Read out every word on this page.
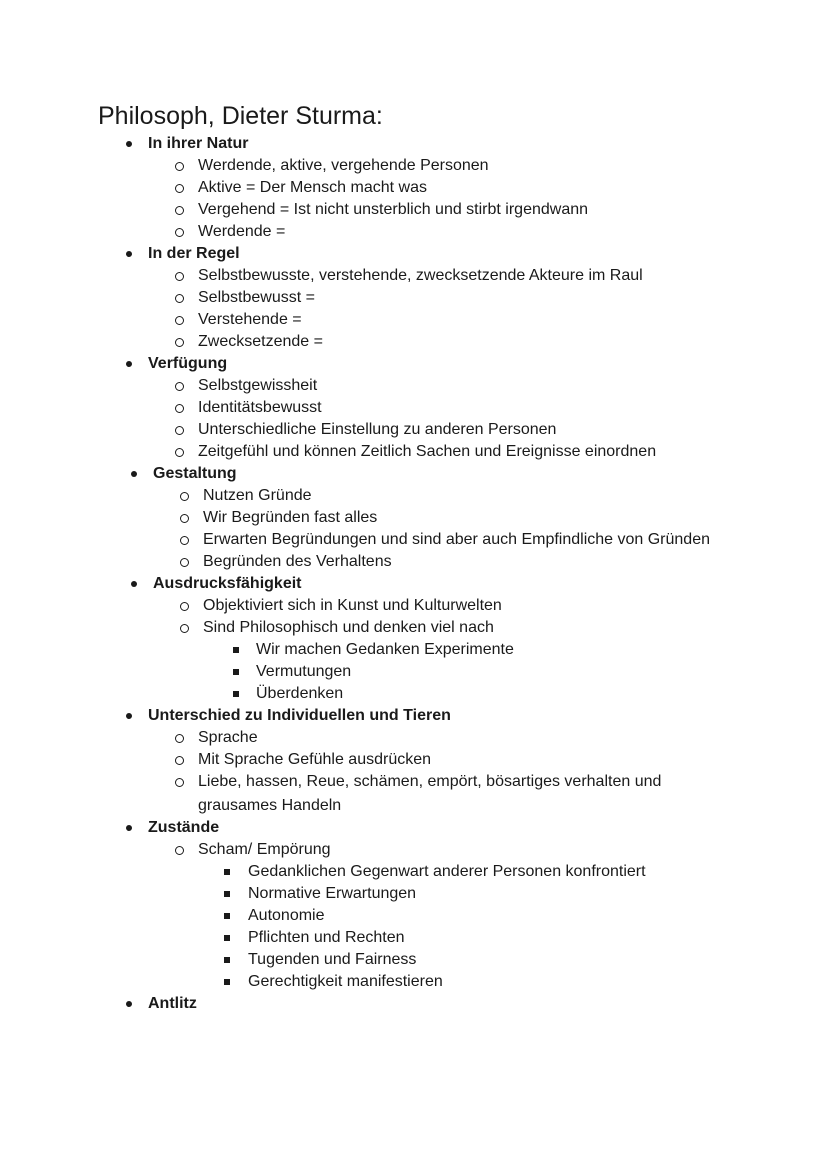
Philosoph, Dieter Sturma:
In ihrer Natur
Werdende, aktive, vergehende Personen
Aktive = Der Mensch macht was
Vergehend = Ist nicht unsterblich und stirbt irgendwann
Werdende =
In der Regel
Selbstbewusste, verstehende, zwecksetzende Akteure im Raul
Selbstbewusst =
Verstehende =
Zwecksetzende =
Verfügung
Selbstgewissheit
Identitätsbewusst
Unterschiedliche Einstellung zu anderen Personen
Zeitgefühl und können Zeitlich Sachen und Ereignisse einordnen
Gestaltung
Nutzen Gründe
Wir Begründen fast alles
Erwarten Begründungen und sind aber auch Empfindliche von Gründen
Begründen des Verhaltens
Ausdrucksfähigkeit
Objektiviert sich in Kunst und Kulturwelten
Sind Philosophisch und denken viel nach
Wir machen Gedanken Experimente
Vermutungen
Überdenken
Unterschied zu Individuellen und Tieren
Sprache
Mit Sprache Gefühle ausdrücken
Liebe, hassen, Reue, schämen, empört, bösartiges verhalten und
grausames Handeln
Zustände
Scham/ Empörung
Gedanklichen Gegenwart anderer Personen konfrontiert
Normative Erwartungen
Autonomie
Pflichten und Rechten
Tugenden und Fairness
Gerechtigkeit manifestieren
Antlitz
